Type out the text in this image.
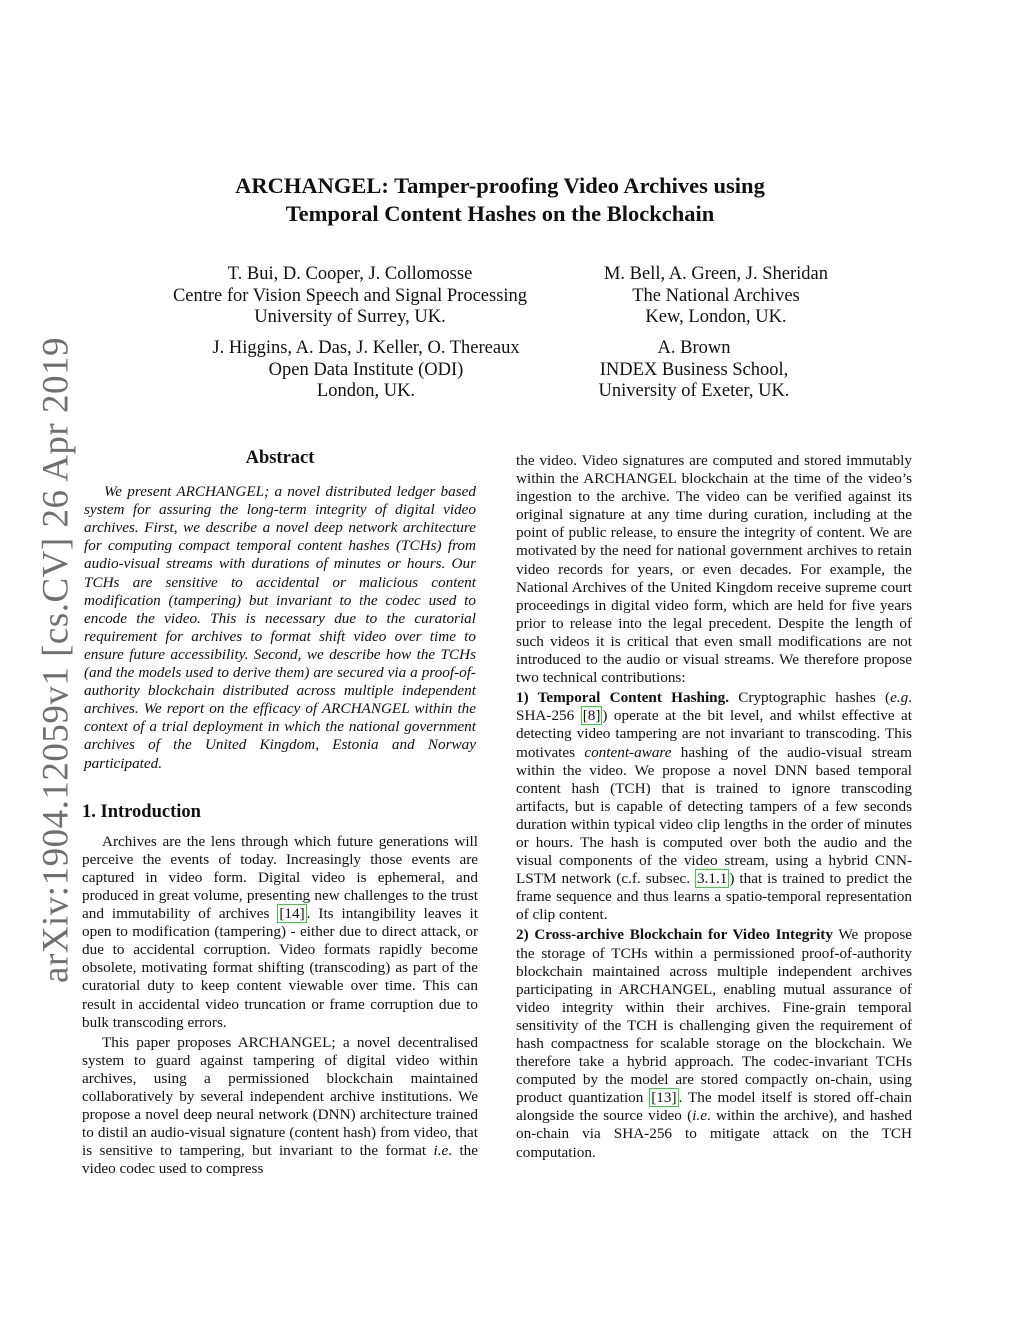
arXiv:1904.12059v1 [cs.CV] 26 Apr 2019
ARCHANGEL: Tamper-proofing Video Archives using
Temporal Content Hashes on the Blockchain
T. Bui, D. Cooper, J. Collomosse
Centre for Vision Speech and Signal Processing
University of Surrey, UK.
M. Bell, A. Green, J. Sheridan
The National Archives
Kew, London, UK.
J. Higgins, A. Das, J. Keller, O. Thereaux
Open Data Institute (ODI)
London, UK.
A. Brown
INDEX Business School,
University of Exeter, UK.
Abstract

We present ARCHANGEL; a novel distributed ledger based system for assuring the long-term integrity of digital video archives. First, we describe a novel deep network architecture for computing compact temporal content hashes (TCHs) from audio-visual streams with durations of minutes or hours. Our TCHs are sensitive to accidental or malicious content modification (tampering) but invariant to the codec used to encode the video. This is necessary due to the curatorial requirement for archives to format shift video over time to ensure future accessibility. Second, we describe how the TCHs (and the models used to derive them) are secured via a proof-of-authority blockchain distributed across multiple independent archives. We report on the efficacy of ARCHANGEL within the context of a trial deployment in which the national government archives of the United Kingdom, Estonia and Norway participated.

1. Introduction

Archives are the lens through which future generations will perceive the events of today. Increasingly those events are captured in video form. Digital video is ephemeral, and produced in great volume, presenting new challenges to the trust and immutability of archives [14] . Its intangibility leaves it open to modification (tampering) - either due to direct attack, or due to accidental corruption. Video formats rapidly become obsolete, motivating format shifting (transcoding) as part of the curatorial duty to keep content viewable over time. This can result in accidental video truncation or frame corruption due to bulk transcoding errors.

This paper proposes ARCHANGEL; a novel decentralised system to guard against tampering of digital video within archives, using a permissioned blockchain maintained collaboratively by several independent archive institutions. We propose a novel deep neural network (DNN) architecture trained to distil an audio-visual signature (content hash) from video, that is sensitive to tampering, but invariant to the format i.e. the video codec used to compress

the video. Video signatures are computed and stored immutably within the ARCHANGEL blockchain at the time of the video’s ingestion to the archive. The video can be verified against its original signature at any time during curation, including at the point of public release, to ensure the integrity of content. We are motivated by the need for national government archives to retain video records for years, or even decades. For example, the National Archives of the United Kingdom receive supreme court proceedings in digital video form, which are held for five years prior to release into the legal precedent. Despite the length of such videos it is critical that even small modifications are not introduced to the audio or visual streams. We therefore propose two technical contributions:

1) Temporal Content Hashing. Cryptographic hashes (e.g. SHA-256 [8] ) operate at the bit level, and whilst effective at detecting video tampering are not invariant to transcoding. This motivates content-aware hashing of the audio-visual stream within the video. We propose a novel DNN based temporal content hash (TCH) that is trained to ignore transcoding artifacts, but is capable of detecting tampers of a few seconds duration within typical video clip lengths in the order of minutes or hours. The hash is computed over both the audio and the visual components of the video stream, using a hybrid CNN-LSTM network (c.f. subsec. 3.1.1 ) that is trained to predict the frame sequence and thus learns a spatio-temporal representation of clip content.

2) Cross-archive Blockchain for Video Integrity We propose the storage of TCHs within a permissioned proof-of-authority blockchain maintained across multiple independent archives participating in ARCHANGEL, enabling mutual assurance of video integrity within their archives. Fine-grain temporal sensitivity of the TCH is challenging given the requirement of hash compactness for scalable storage on the blockchain. We therefore take a hybrid approach. The codec-invariant TCHs computed by the model are stored compactly on-chain, using product quantization [13] . The model itself is stored off-chain alongside the source video (i.e. within the archive), and hashed on-chain via SHA-256 to mitigate attack on the TCH computation.
